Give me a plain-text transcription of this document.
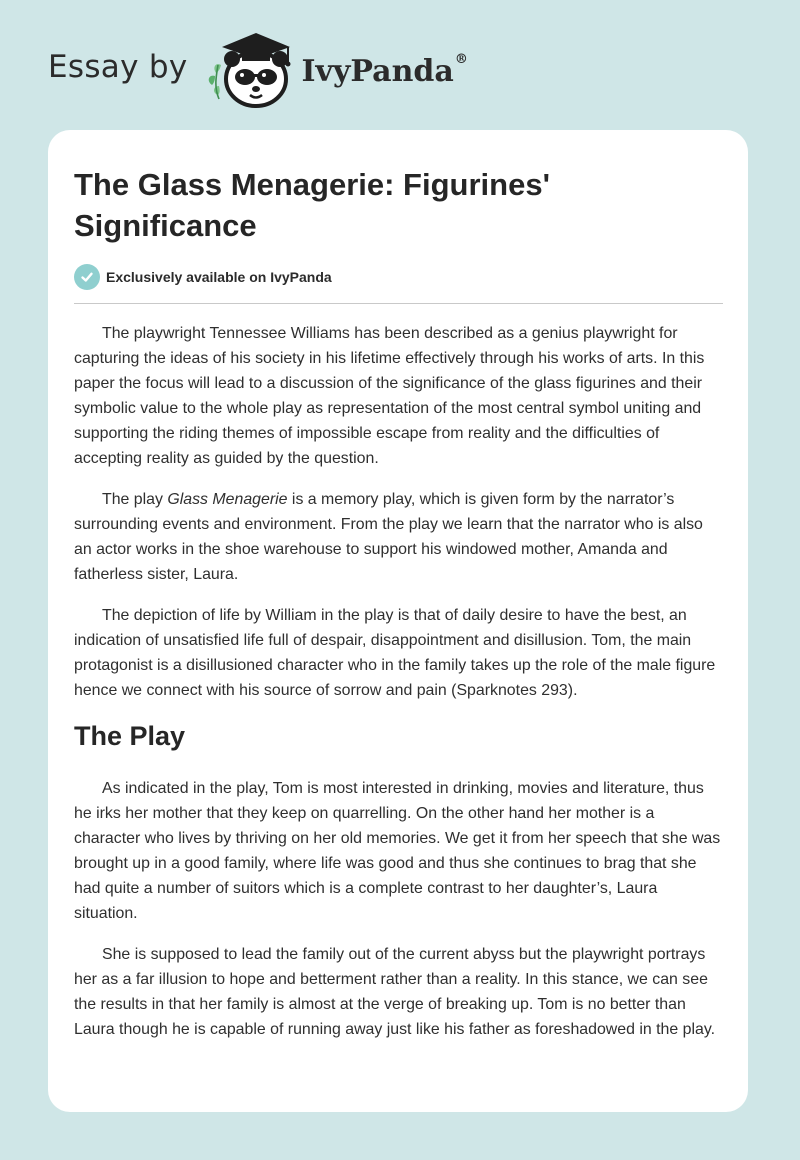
Essay by	IvyPanda®
The Glass Menagerie: Figurines' Significance
Exclusively available on IvyPanda

The playwright Tennessee Williams has been described as a genius playwright for capturing the ideas of his society in his lifetime effectively through his works of arts. In this paper the focus will lead to a discussion of the significance of the glass figurines and their symbolic value to the whole play as representation of the most central symbol uniting and supporting the riding themes of impossible escape from reality and the difficulties of accepting reality as guided by the question.

The play Glass Menagerie is a memory play, which is given form by the narrator’s surrounding events and environment. From the play we learn that the narrator who is also an actor works in the shoe warehouse to support his windowed mother, Amanda and fatherless sister, Laura.

The depiction of life by William in the play is that of daily desire to have the best, an indication of unsatisfied life full of despair, disappointment and disillusion. Tom, the main protagonist is a disillusioned character who in the family takes up the role of the male figure hence we connect with his source of sorrow and pain (Sparknotes 293).

The Play

As indicated in the play, Tom is most interested in drinking, movies and literature, thus he irks her mother that they keep on quarrelling. On the other hand her mother is a character who lives by thriving on her old memories. We get it from her speech that she was brought up in a good family, where life was good and thus she continues to brag that she had quite a number of suitors which is a complete contrast to her daughter’s, Laura situation.

She is supposed to lead the family out of the current abyss but the playwright portrays her as a far illusion to hope and betterment rather than a reality. In this stance, we can see the results in that her family is almost at the verge of breaking up. Tom is no better than Laura though he is capable of running away just like his father as foreshadowed in the play.
